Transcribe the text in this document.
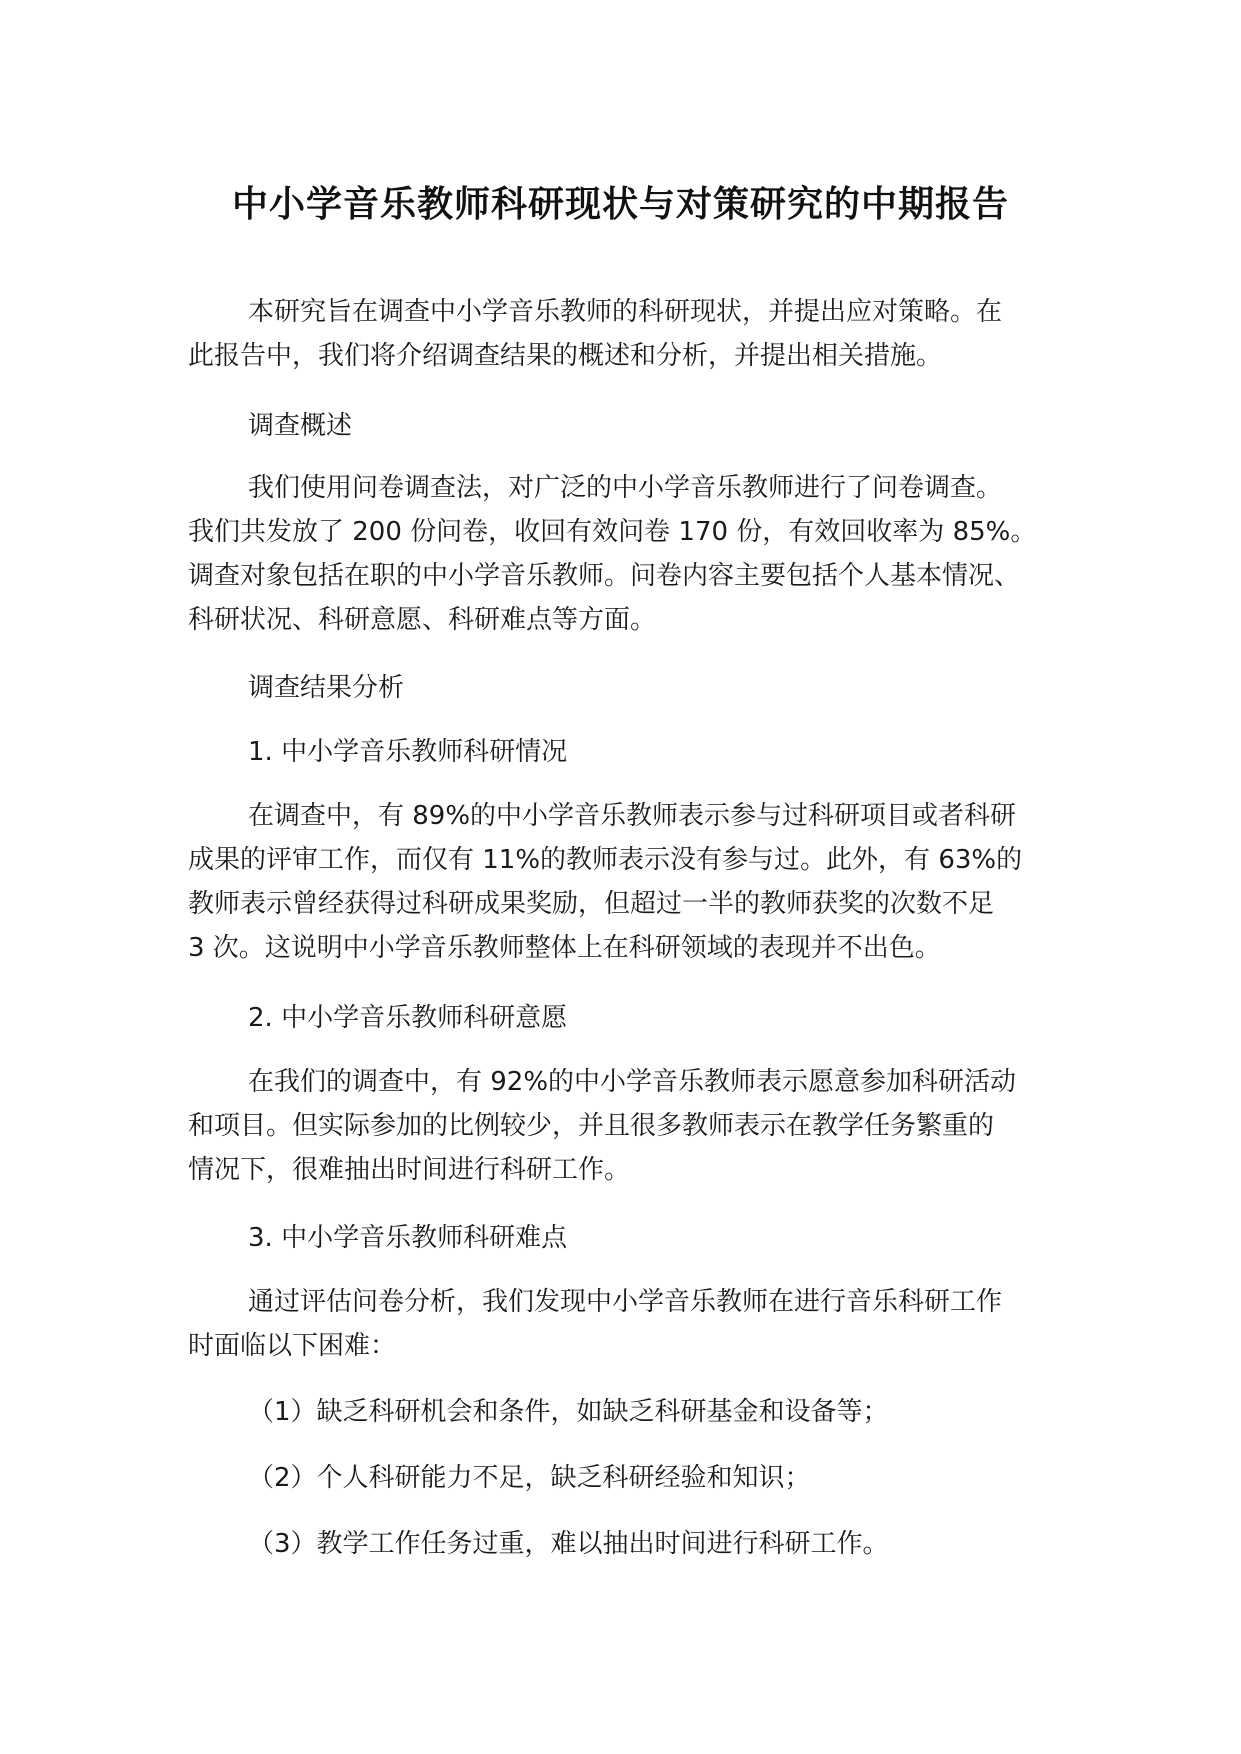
中小学音乐教师科研现状与对策研究的中期报告
本研究旨在调查中小学音乐教师的科研现状，并提出应对策略。在
此报告中，我们将介绍调查结果的概述和分析，并提出相关措施。
调查概述
我们使用问卷调查法，对广泛的中小学音乐教师进行了问卷调查。
我们共发放了 200 份问卷，收回有效问卷 170 份，有效回收率为 85%。
调查对象包括在职的中小学音乐教师。问卷内容主要包括个人基本情况、
科研状况、科研意愿、科研难点等方面。
调查结果分析
1. 中小学音乐教师科研情况
在调查中，有 89%的中小学音乐教师表示参与过科研项目或者科研
成果的评审工作，而仅有 11%的教师表示没有参与过。此外，有 63%的
教师表示曾经获得过科研成果奖励，但超过一半的教师获奖的次数不足
3 次。这说明中小学音乐教师整体上在科研领域的表现并不出色。
2. 中小学音乐教师科研意愿
在我们的调查中，有 92%的中小学音乐教师表示愿意参加科研活动
和项目。但实际参加的比例较少，并且很多教师表示在教学任务繁重的
情况下，很难抽出时间进行科研工作。
3. 中小学音乐教师科研难点
通过评估问卷分析，我们发现中小学音乐教师在进行音乐科研工作
时面临以下困难：
（1）缺乏科研机会和条件，如缺乏科研基金和设备等；
（2）个人科研能力不足，缺乏科研经验和知识；
（3）教学工作任务过重，难以抽出时间进行科研工作。
